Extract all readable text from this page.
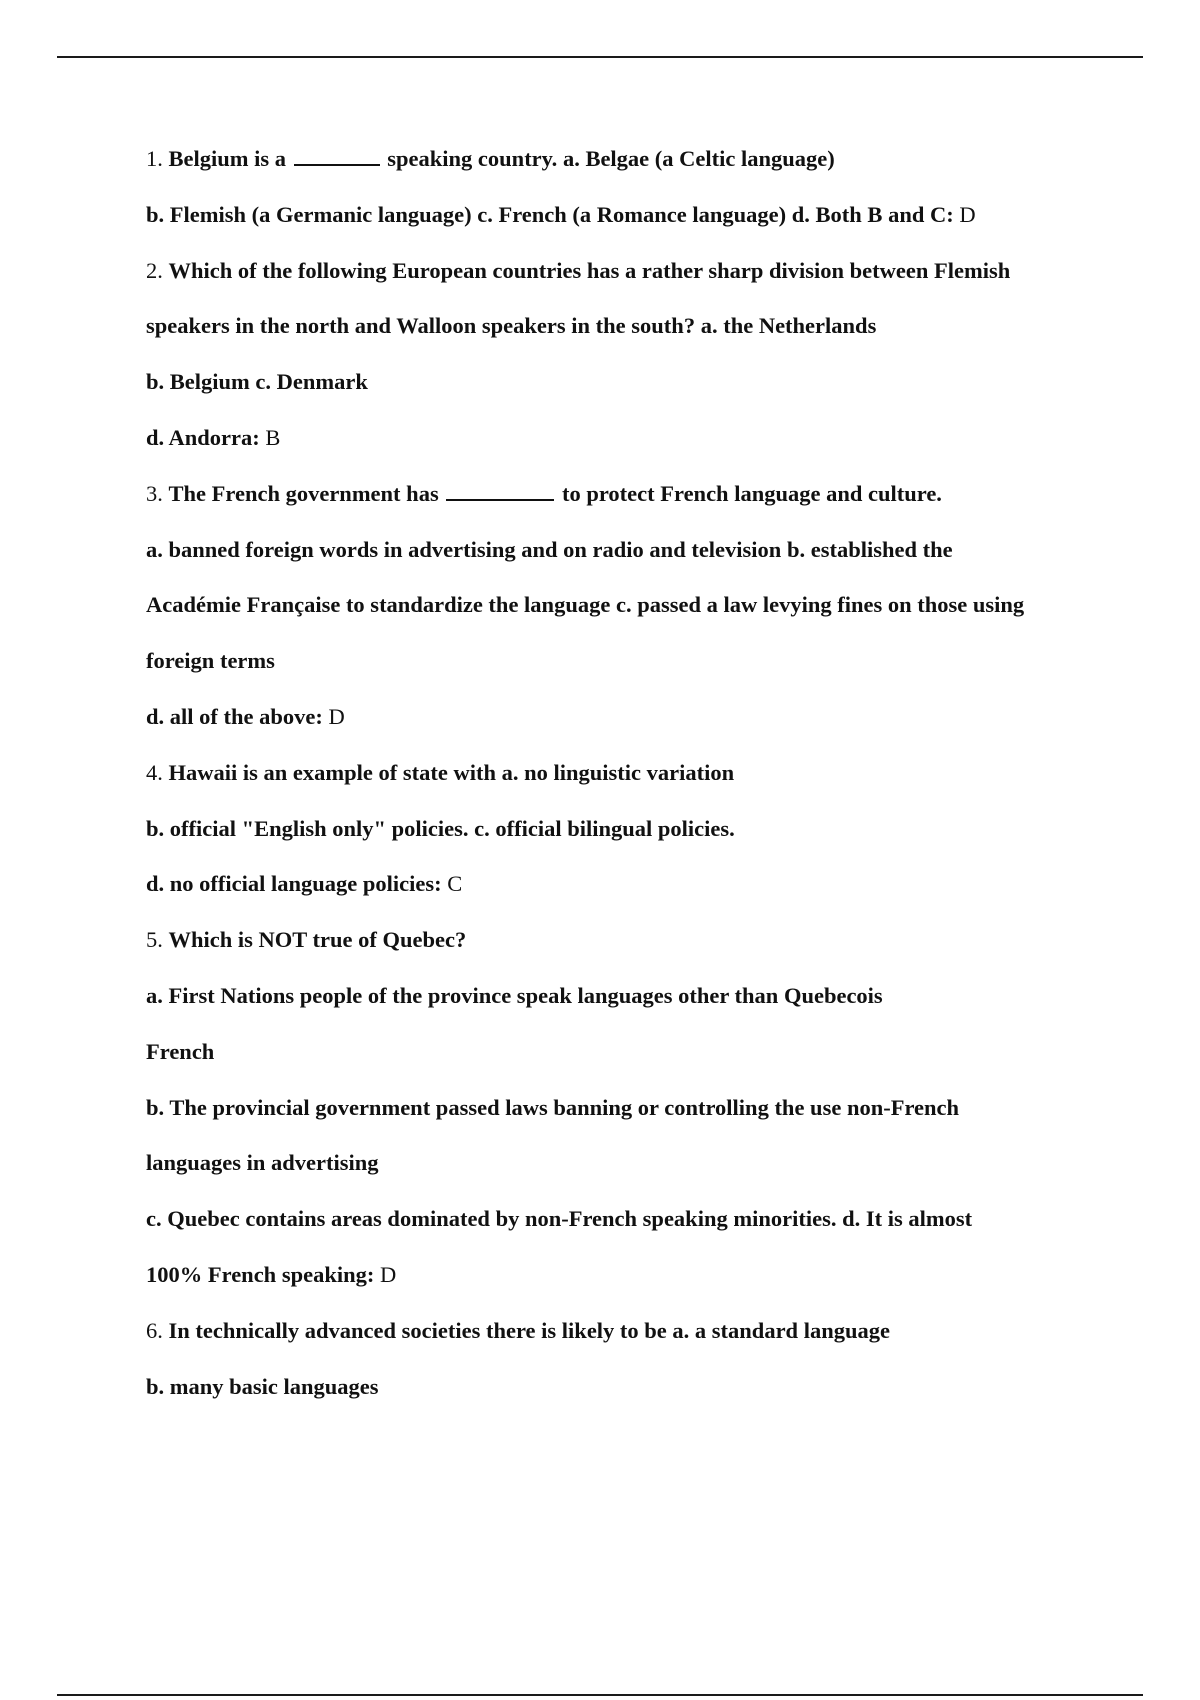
1. Belgium is a	speaking country. a. Belgae (a Celtic language)
b. Flemish (a Germanic language) c. French (a Romance language) d. Both B and C: D
2. Which of the following European countries has a rather sharp division between Flemish
speakers in the north and Walloon speakers in the south? a. the Netherlands
b. Belgium c. Denmark
d. Andorra: B
3. The French government has	to protect French language and culture.
a. banned foreign words in advertising and on radio and television b. established the
Académie Française to standardize the language c. passed a law levying fines on those using
foreign terms
d. all of the above: D
4. Hawaii is an example of state with a. no linguistic variation
b. official "English only" policies. c. official bilingual policies.
d. no official language policies: C
5. Which is NOT true of Quebec?
a. First Nations people of the province speak languages other than Quebecois
French
b. The provincial government passed laws banning or controlling the use non-French
languages in advertising
c. Quebec contains areas dominated by non-French speaking minorities. d. It is almost
100% French speaking: D
6. In technically advanced societies there is likely to be a. a standard language
b. many basic languages
